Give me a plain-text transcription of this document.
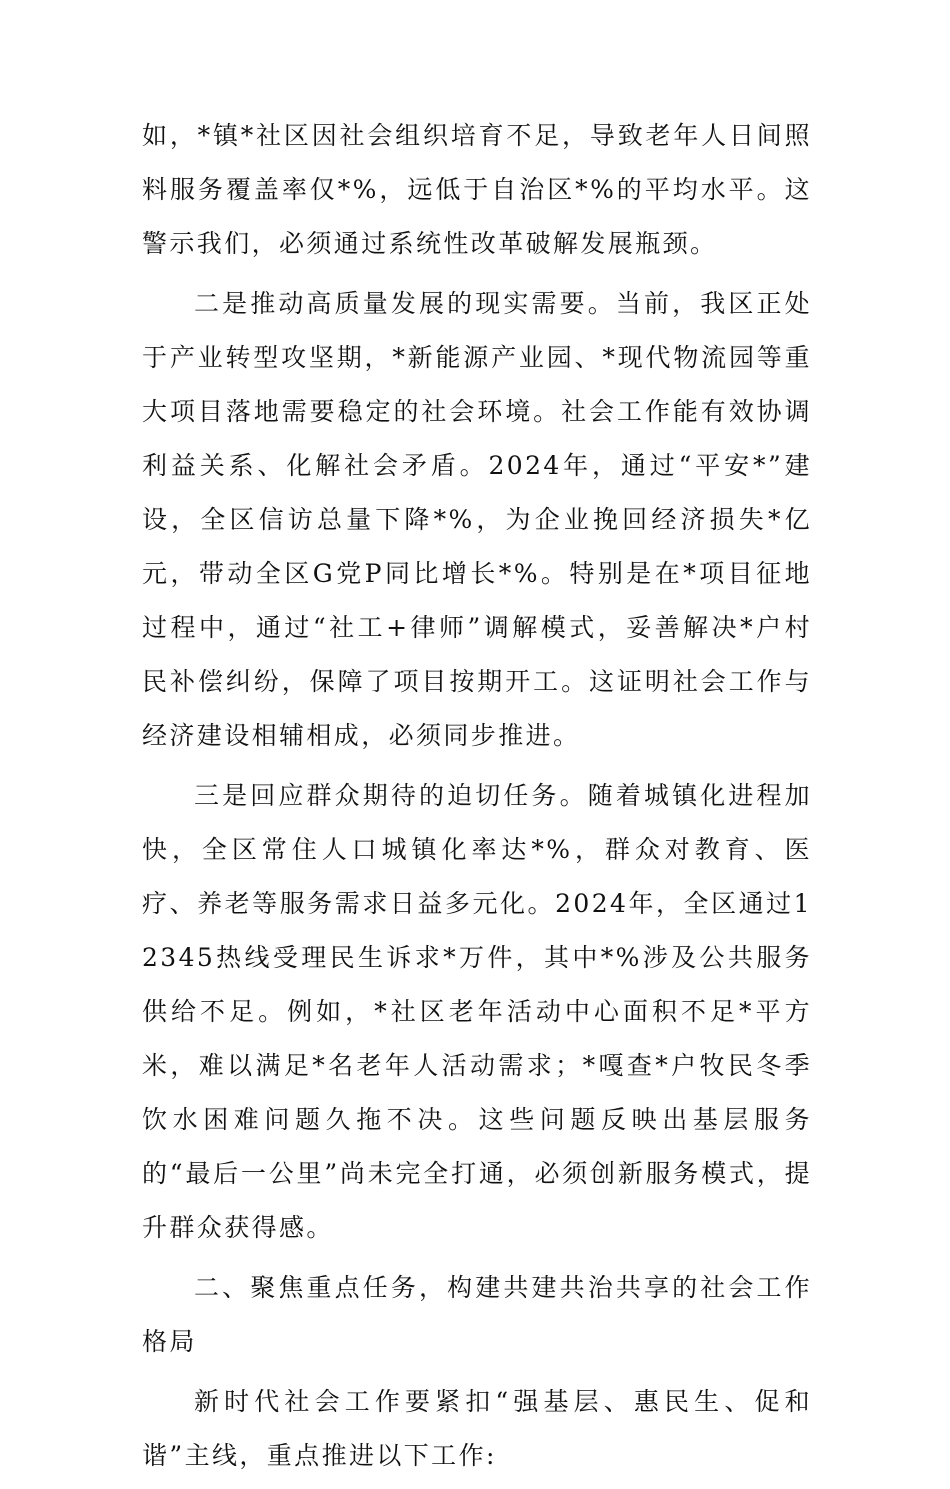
如，*镇*社区因社会组织培育不足，导致老年人日间照料服务覆盖率仅*%，远低于自治区*%的平均水平。这警示我们，必须通过系统性改革破解发展瓶颈。

二是推动高质量发展的现实需要。当前，我区正处于产业转型攻坚期，*新能源产业园、*现代物流园等重大项目落地需要稳定的社会环境。社会工作能有效协调利益关系、化解社会矛盾。2024年，通过“平安*”建设，全区信访总量下降*%，为企业挽回经济损失*亿元，带动全区G党P同比增长*%。特别是在*项目征地过程中，通过“社工+律师”调解模式，妥善解决*户村民补偿纠纷，保障了项目按期开工。这证明社会工作与经济建设相辅相成，必须同步推进。

三是回应群众期待的迫切任务。随着城镇化进程加快，全区常住人口城镇化率达*%，群众对教育、医疗、养老等服务需求日益多元化。2024年，全区通过12345热线受理民生诉求*万件，其中*%涉及公共服务供给不足。例如，*社区老年活动中心面积不足*平方米，难以满足*名老年人活动需求；*嘎查*户牧民冬季饮水困难问题久拖不决。这些问题反映出基层服务的“最后一公里”尚未完全打通，必须创新服务模式，提升群众获得感。

二、聚焦重点任务，构建共建共治共享的社会工作格局

新时代社会工作要紧扣“强基层、惠民生、促和谐”主线，重点推进以下工作:
